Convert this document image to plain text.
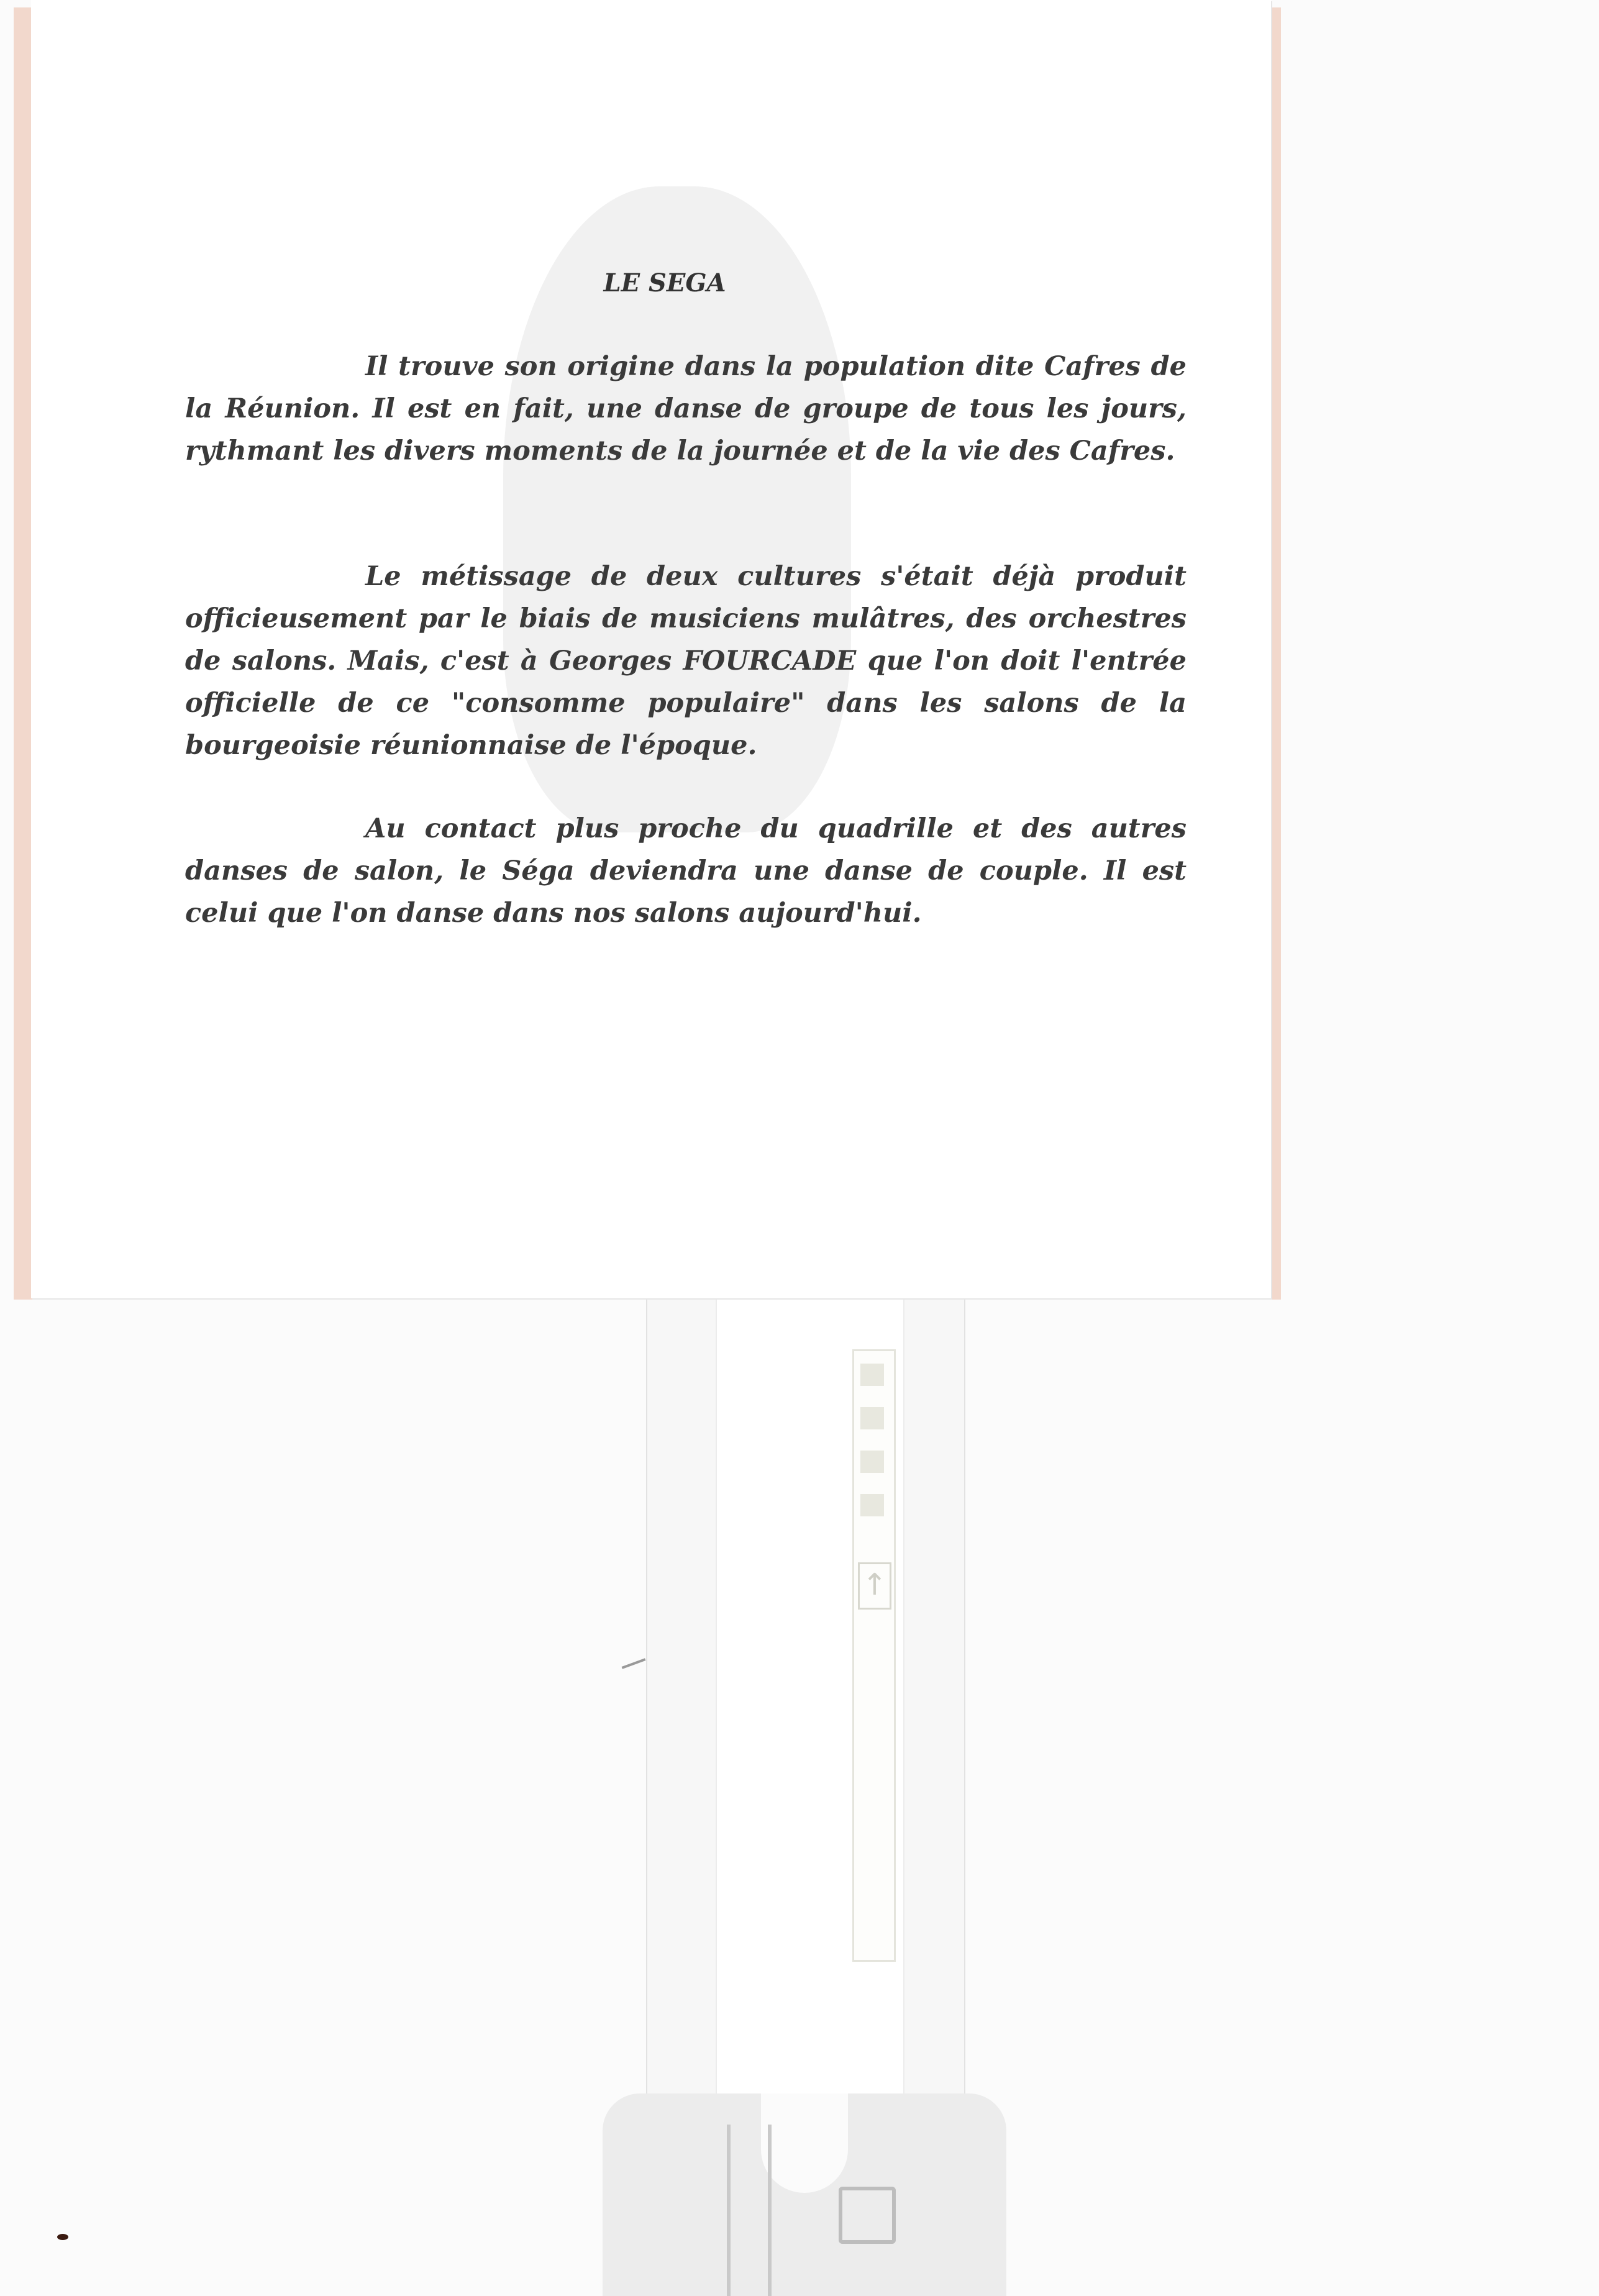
LE SEGA
Il trouve son origine dans la population dite Cafres de la Réunion. Il est en fait, une danse de groupe de tous les jours, rythmant les divers moments de la journée et de la vie des Cafres.
Le métissage de deux cultures s'était déjà produit officieusement par le biais de musiciens mulâtres, des orchestres de salons. Mais, c'est à Georges FOURCADE que l'on doit l'entrée officielle de ce "consomme populaire" dans les salons de la bourgeoisie réunionnaise de l'époque.
Au contact plus proche du quadrille et des autres danses de salon, le Séga deviendra une danse de couple. Il est celui que l'on danse dans nos salons aujourd'hui.
↑
